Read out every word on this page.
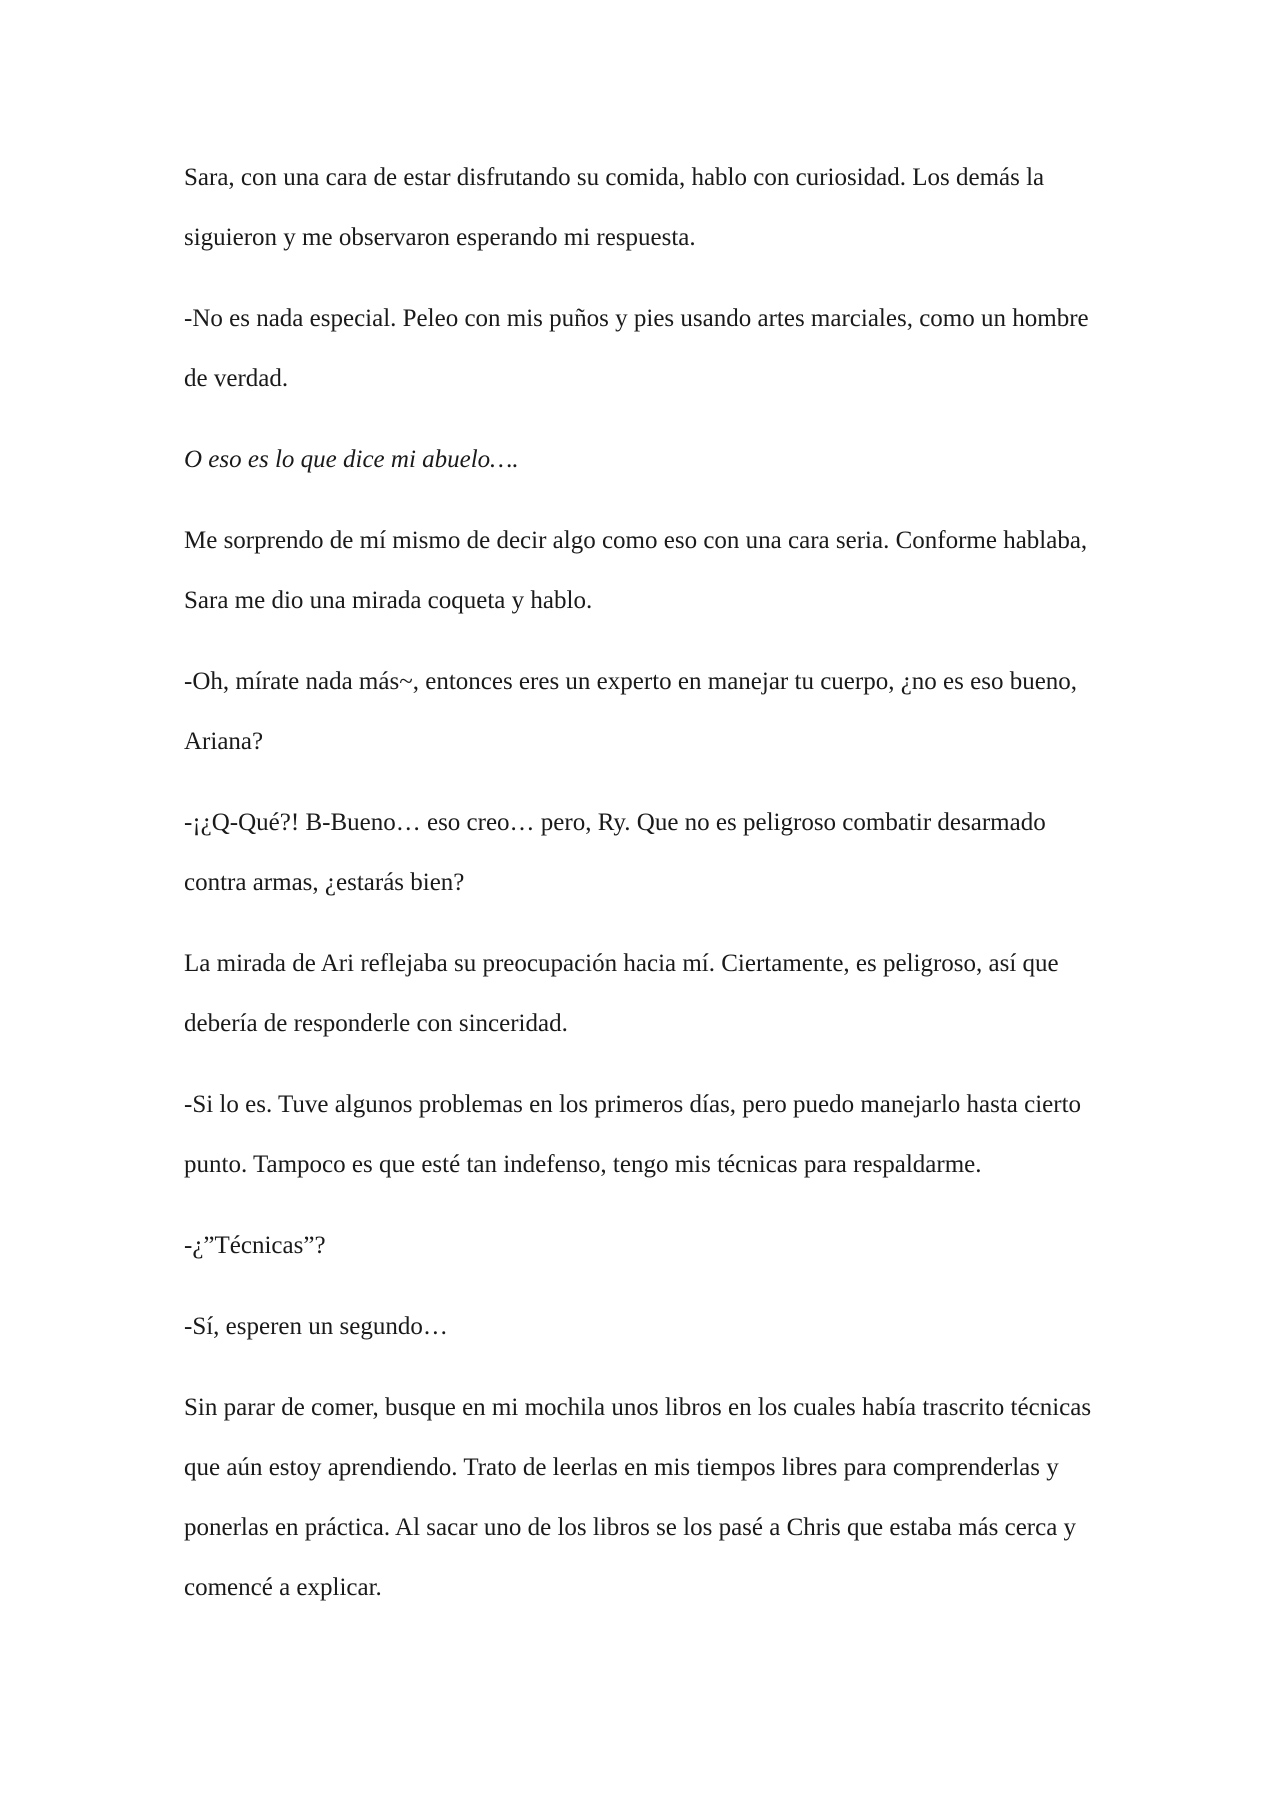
Sara, con una cara de estar disfrutando su comida, hablo con curiosidad. Los demás la siguieron y me observaron esperando mi respuesta.

-No es nada especial. Peleo con mis puños y pies usando artes marciales, como un hombre de verdad.

O eso es lo que dice mi abuelo….

Me sorprendo de mí mismo de decir algo como eso con una cara seria. Conforme hablaba, Sara me dio una mirada coqueta y hablo.

-Oh, mírate nada más~, entonces eres un experto en manejar tu cuerpo, ¿no es eso bueno, Ariana?

-¡¿Q-Qué?! B-Bueno… eso creo… pero, Ry. Que no es peligroso combatir desarmado contra armas, ¿estarás bien?

La mirada de Ari reflejaba su preocupación hacia mí. Ciertamente, es peligroso, así que debería de responderle con sinceridad.

-Si lo es. Tuve algunos problemas en los primeros días, pero puedo manejarlo hasta cierto punto. Tampoco es que esté tan indefenso, tengo mis técnicas para respaldarme.

-¿”Técnicas”?

-Sí, esperen un segundo…

Sin parar de comer, busque en mi mochila unos libros en los cuales había trascrito técnicas que aún estoy aprendiendo. Trato de leerlas en mis tiempos libres para comprenderlas y ponerlas en práctica. Al sacar uno de los libros se los pasé a Chris que estaba más cerca y comencé a explicar.
